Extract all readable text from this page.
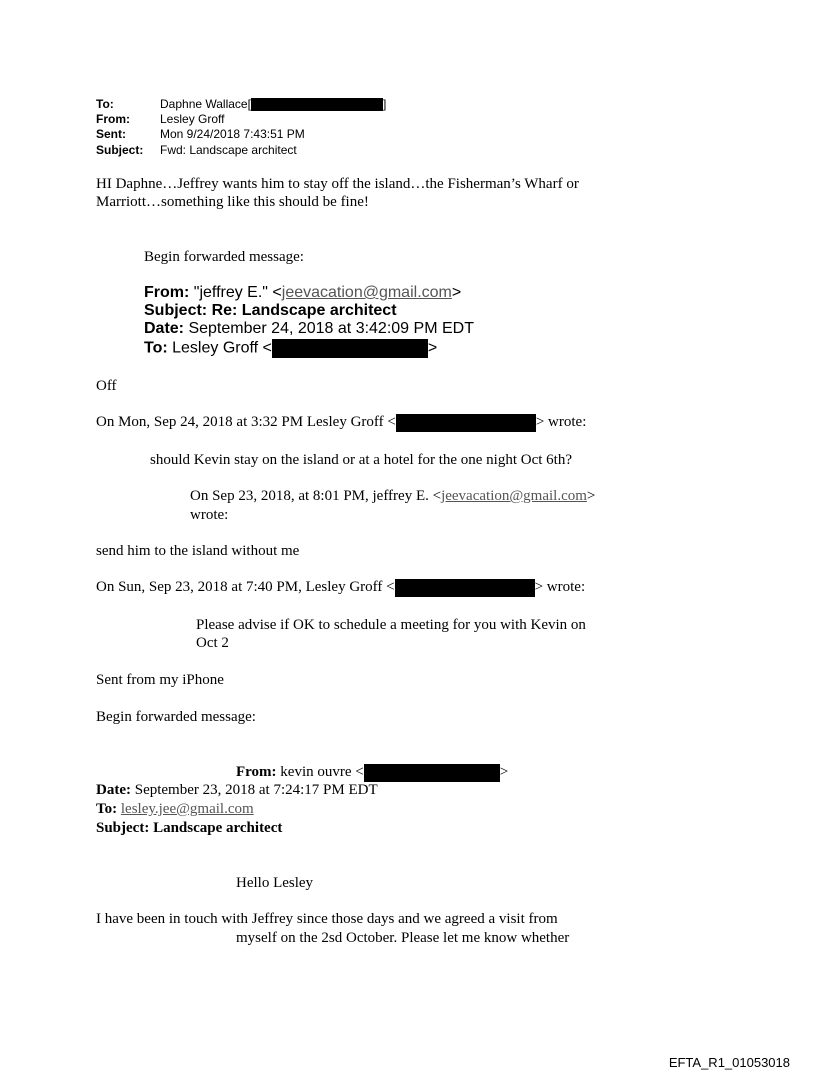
To:	Daphne Wallace[	]
From:	Lesley Groff
Sent:	Mon 9/24/2018 7:43:51 PM
Subject: Fwd: Landscape architect
HI Daphne…Jeffrey wants him to stay off the island…the Fisherman’s Wharf or
Marriott…something like this should be fine!
Begin forwarded message:
From: "jeffrey E." <jeevacation@gmail.com>
Subject: Re: Landscape architect
Date: September 24, 2018 at 3:42:09 PM EDT
To: Lesley Groff <	>
Off
On Mon, Sep 24, 2018 at 3:32 PM Lesley Groff <	> wrote:
should Kevin stay on the island or at a hotel for the one night Oct 6th?
On Sep 23, 2018, at 8:01 PM, jeffrey E. <jeevacation@gmail.com>
wrote:
send him to the island without me
On Sun, Sep 23, 2018 at 7:40 PM, Lesley Groff <	> wrote:
Please advise if OK to schedule a meeting for you with Kevin on
Oct 2
Sent from my iPhone
Begin forwarded message:
From: kevin ouvre <	>
Date: September 23, 2018 at 7:24:17 PM EDT
To: lesley.jee@gmail.com
Subject: Landscape architect
Hello Lesley
I have been in touch with Jeffrey since those days and we agreed a visit from
myself on the 2sd October. Please let me know whether
EFTA_R1_01053018
